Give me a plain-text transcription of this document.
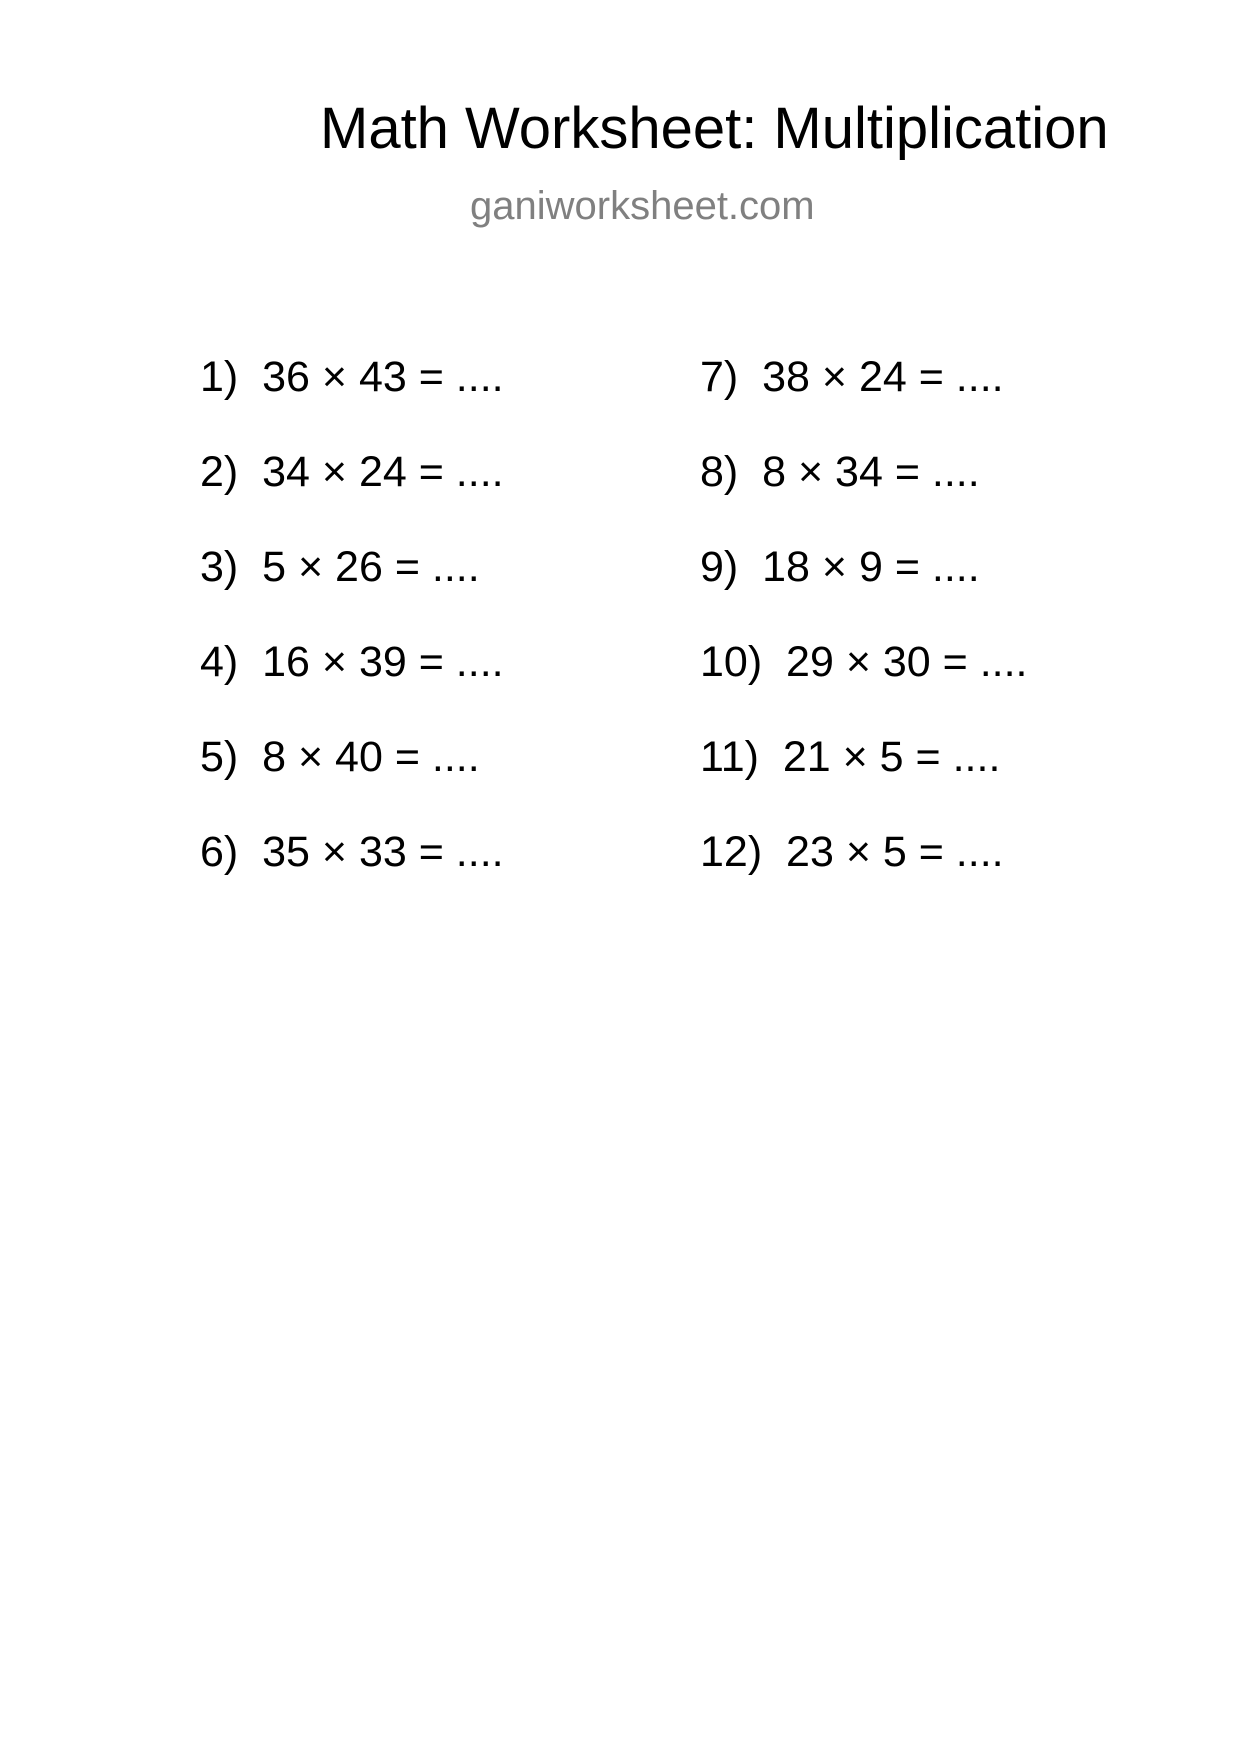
Math Worksheet: Multiplication
ganiworksheet.com
1)  36 × 43 = ....
2)  34 × 24 = ....
3)  5 × 26 = ....
4)  16 × 39 = ....
5)  8 × 40 = ....
6)  35 × 33 = ....
7)  38 × 24 = ....
8)  8 × 34 = ....
9)  18 × 9 = ....
10)  29 × 30 = ....
11)  21 × 5 = ....
12)  23 × 5 = ....
